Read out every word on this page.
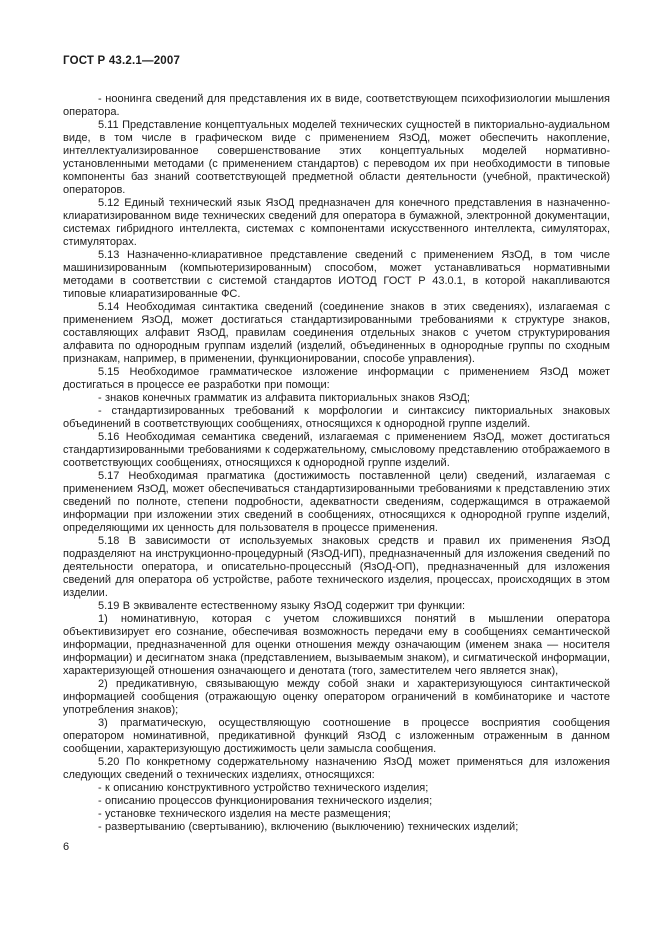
ГОСТ Р 43.2.1—2007

- ноонинга сведений для представления их в виде, соответствующем психофизиологии мышления оператора.

5.11 Представление концептуальных моделей технических сущностей в пикториально-аудиальном виде, в том числе в графическом виде с применением ЯзОД, может обеспечить накопление, интеллектуализированное совершенствование этих концептуальных моделей нормативно-установленными методами (с применением стандартов) с переводом их при необходимости в типовые компоненты баз знаний соответствующей предметной области деятельности (учебной, практической) операторов.

5.12 Единый технический язык ЯзОД предназначен для конечного представления в назначенно-клиаратизированном виде технических сведений для оператора в бумажной, электронной документации, системах гибридного интеллекта, системах с компонентами искусственного интеллекта, симуляторах, стимуляторах.

5.13 Назначенно-клиаративное представление сведений с применением ЯзОД, в том числе машинизированным (компьютеризированным) способом, может устанавливаться нормативными методами в соответствии с системой стандартов ИОТОД ГОСТ Р 43.0.1, в которой накапливаются типовые клиаратизированные ФС.

5.14 Необходимая синтактика сведений (соединение знаков в этих сведениях), излагаемая с применением ЯзОД, может достигаться стандартизированными требованиями к структуре знаков, составляющих алфавит ЯзОД, правилам соединения отдельных знаков с учетом структурирования алфавита по однородным группам изделий (изделий, объединенных в однородные группы по сходным признакам, например, в применении, функционировании, способе управления).

5.15 Необходимое грамматическое изложение информации с применением ЯзОД может достигаться в процессе ее разработки при помощи:

- знаков конечных грамматик из алфавита пикториальных знаков ЯзОД;

- стандартизированных требований к морфологии и синтаксису пикториальных знаковых объединений в соответствующих сообщениях, относящихся к однородной группе изделий.

5.16 Необходимая семантика сведений, излагаемая с применением ЯзОД, может достигаться стандартизированными требованиями к содержательному, смысловому представлению отображаемого в соответствующих сообщениях, относящихся к однородной группе изделий.

5.17 Необходимая прагматика (достижимость поставленной цели) сведений, излагаемая с применением ЯзОД, может обеспечиваться стандартизированными требованиями к представлению этих сведений по полноте, степени подробности, адекватности сведениям, содержащимся в отражаемой информации при изложении этих сведений в сообщениях, относящихся к однородной группе изделий, определяющими их ценность для пользователя в процессе применения.

5.18 В зависимости от используемых знаковых средств и правил их применения ЯзОД подразделяют на инструкционно-процедурный (ЯзОД-ИП), предназначенный для изложения сведений по деятельности оператора, и описательно-процессный (ЯзОД-ОП), предназначенный для изложения сведений для оператора об устройстве, работе технического изделия, процессах, происходящих в этом изделии.

5.19 В эквиваленте естественному языку ЯзОД содержит три функции:

1) номинативную, которая с учетом сложившихся понятий в мышлении оператора объективизирует его сознание, обеспечивая возможность передачи ему в сообщениях семантической информации, предназначенной для оценки отношения между означающим (именем знака — носителя информации) и десигнатом знака (представлением, вызываемым знаком), и сигматической информации, характеризующей отношения означающего и денотата (того, заместителем чего является знак),

2) предикативную, связывающую между собой знаки и характеризующуюся синтактической информацией сообщения (отражающую оценку оператором ограничений в комбинаторике и частоте употребления знаков);

3) прагматическую, осуществляющую соотношение в процессе восприятия сообщения оператором номинативной, предикативной функций ЯзОД с изложенным отраженным в данном сообщении, характеризующую достижимость цели замысла сообщения.

5.20 По конкретному содержательному назначению ЯзОД может применяться для изложения следующих сведений о технических изделиях, относящихся:

- к описанию конструктивного устройство технического изделия;

- описанию процессов функционирования технического изделия;

- установке технического изделия на месте размещения;

- развертыванию (свертыванию), включению (выключению) технических изделий;

6
